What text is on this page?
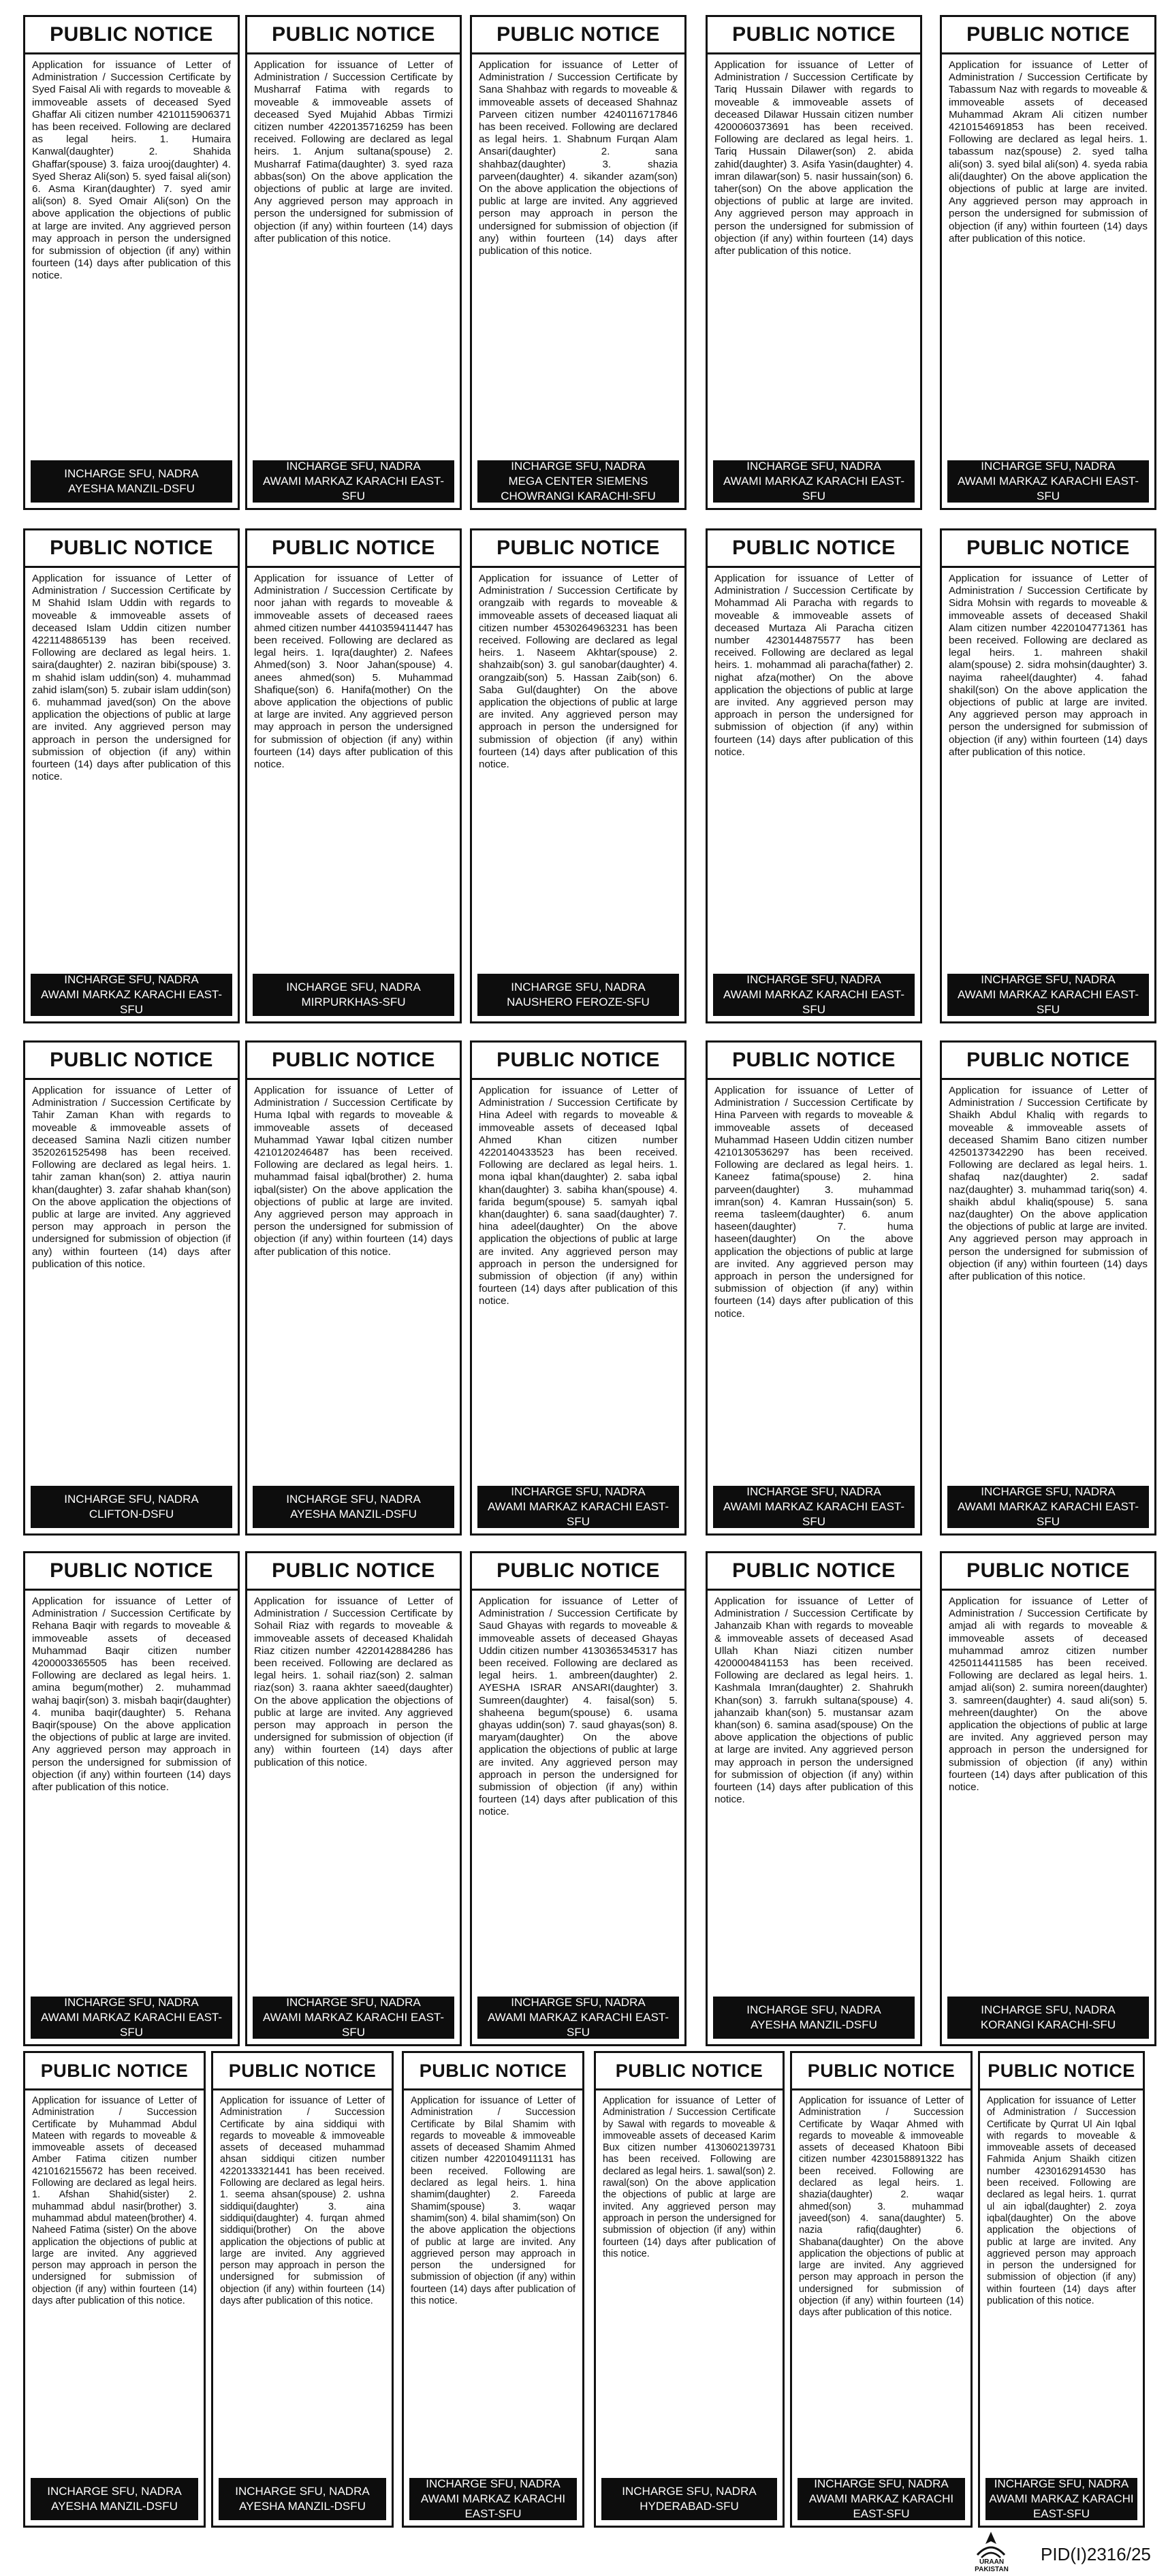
PUBLIC NOTICE
Application for issuance of Letter of Administration / Succession Certificate by Syed Faisal Ali with regards to moveable & immoveable assets of deceased Syed Ghaffar Ali citizen number 4210115906371 has been received. Following are declared as legal heirs. 1. Humaira Kanwal(daughter) 2. Shahida Ghaffar(spouse) 3. faiza urooj(daughter) 4. Syed Sheraz Ali(son) 5. syed faisal ali(son) 6. Asma Kiran(daughter) 7. syed amir ali(son) 8. Syed Omair Ali(son) On the above application the objections of public at large are invited. Any aggrieved person may approach in person the undersigned for submission of objection (if any) within fourteen (14) days after publication of this notice.
INCHARGE SFU, NADRA
AYESHA MANZIL-DSFU
PUBLIC NOTICE
Application for issuance of Letter of Administration / Succession Certificate by Musharraf Fatima with regards to moveable & immoveable assets of deceased Syed Mujahid Abbas Tirmizi citizen number 4220135716259 has been received. Following are declared as legal heirs. 1. Anjum sultana(spouse) 2. Musharraf Fatima(daughter) 3. syed raza abbas(son) On the above application the objections of public at large are invited. Any aggrieved person may approach in person the undersigned for submission of objection (if any) within fourteen (14) days after publication of this notice.
INCHARGE SFU, NADRA
AWAMI MARKAZ KARACHI EAST-SFU
PUBLIC NOTICE
Application for issuance of Letter of Administration / Succession Certificate by Sana Shahbaz with regards to moveable & immoveable assets of deceased Shahnaz Parveen citizen number 4240116717846 has been received. Following are declared as legal heirs. 1. Shabnum Furqan Alam Ansari(daughter) 2. sana shahbaz(daughter) 3. shazia parveen(daughter) 4. sikander azam(son) On the above application the objections of public at large are invited. Any aggrieved person may approach in person the undersigned for submission of objection (if any) within fourteen (14) days after publication of this notice.
INCHARGE SFU, NADRA
MEGA CENTER SIEMENS CHOWRANGI KARACHI-SFU
PUBLIC NOTICE
Application for issuance of Letter of Administration / Succession Certificate by Tariq Hussain Dilawer with regards to moveable & immoveable assets of deceased Dilawar Hussain citizen number 4200060373691 has been received. Following are declared as legal heirs. 1. Tariq Hussain Dilawer(son) 2. abida zahid(daughter) 3. Asifa Yasin(daughter) 4. imran dilawar(son) 5. nasir hussain(son) 6. taher(son) On the above application the objections of public at large are invited. Any aggrieved person may approach in person the undersigned for submission of objection (if any) within fourteen (14) days after publication of this notice.
INCHARGE SFU, NADRA
AWAMI MARKAZ KARACHI EAST-SFU
PUBLIC NOTICE
Application for issuance of Letter of Administration / Succession Certificate by Tabassum Naz with regards to moveable & immoveable assets of deceased Muhammad Akram Ali citizen number 4210154691853 has been received. Following are declared as legal heirs. 1. tabassum naz(spouse) 2. syed talha ali(son) 3. syed bilal ali(son) 4. syeda rabia ali(daughter) On the above application the objections of public at large are invited. Any aggrieved person may approach in person the undersigned for submission of objection (if any) within fourteen (14) days after publication of this notice.
INCHARGE SFU, NADRA
AWAMI MARKAZ KARACHI EAST-SFU
PUBLIC NOTICE
Application for issuance of Letter of Administration / Succession Certificate by M Shahid Islam Uddin with regards to moveable & immoveable assets of deceased Islam Uddin citizen number 4221148865139 has been received. Following are declared as legal heirs. 1. saira(daughter) 2. naziran bibi(spouse) 3. m shahid islam uddin(son) 4. muhammad zahid islam(son) 5. zubair islam uddin(son) 6. muhammad javed(son) On the above application the objections of public at large are invited. Any aggrieved person may approach in person the undersigned for submission of objection (if any) within fourteen (14) days after publication of this notice.
INCHARGE SFU, NADRA
AWAMI MARKAZ KARACHI EAST-SFU
PUBLIC NOTICE
Application for issuance of Letter of Administration / Succession Certificate by noor jahan with regards to moveable & immoveable assets of deceased raees ahmed citizen number 4410359411447 has been received. Following are declared as legal heirs. 1. Iqra(daughter) 2. Nafees Ahmed(son) 3. Noor Jahan(spouse) 4. anees ahmed(son) 5. Muhammad Shafique(son) 6. Hanifa(mother) On the above application the objections of public at large are invited. Any aggrieved person may approach in person the undersigned for submission of objection (if any) within fourteen (14) days after publication of this notice.
INCHARGE SFU, NADRA
MIRPURKHAS-SFU
PUBLIC NOTICE
Application for issuance of Letter of Administration / Succession Certificate by orangzaib with regards to moveable & immoveable assets of deceased liaquat ali citizen number 4530264963231 has been received. Following are declared as legal heirs. 1. Naseem Akhtar(spouse) 2. shahzaib(son) 3. gul sanobar(daughter) 4. orangzaib(son) 5. Hassan Zaib(son) 6. Saba Gul(daughter) On the above application the objections of public at large are invited. Any aggrieved person may approach in person the undersigned for submission of objection (if any) within fourteen (14) days after publication of this notice.
INCHARGE SFU, NADRA
NAUSHERO FEROZE-SFU
PUBLIC NOTICE
Application for issuance of Letter of Administration / Succession Certificate by Mohammad Ali Paracha with regards to moveable & immoveable assets of deceased Murtaza Ali Paracha citizen number 4230144875577 has been received. Following are declared as legal heirs. 1. mohammad ali paracha(father) 2. nighat afza(mother) On the above application the objections of public at large are invited. Any aggrieved person may approach in person the undersigned for submission of objection (if any) within fourteen (14) days after publication of this notice.
INCHARGE SFU, NADRA
AWAMI MARKAZ KARACHI EAST-SFU
PUBLIC NOTICE
Application for issuance of Letter of Administration / Succession Certificate by Sidra Mohsin with regards to moveable & immoveable assets of deceased Shakil Alam citizen number 4220104771361 has been received. Following are declared as legal heirs. 1. mahreen shakil alam(spouse) 2. sidra mohsin(daughter) 3. nayima raheel(daughter) 4. fahad shakil(son) On the above application the objections of public at large are invited. Any aggrieved person may approach in person the undersigned for submission of objection (if any) within fourteen (14) days after publication of this notice.
INCHARGE SFU, NADRA
AWAMI MARKAZ KARACHI EAST-SFU
PUBLIC NOTICE
Application for issuance of Letter of Administration / Succession Certificate by Tahir Zaman Khan with regards to moveable & immoveable assets of deceased Samina Nazli citizen number 3520261525498 has been received. Following are declared as legal heirs. 1. tahir zaman khan(son) 2. attiya naurin khan(daughter) 3. zafar shahab khan(son) On the above application the objections of public at large are invited. Any aggrieved person may approach in person the undersigned for submission of objection (if any) within fourteen (14) days after publication of this notice.
INCHARGE SFU, NADRA
CLIFTON-DSFU
PUBLIC NOTICE
Application for issuance of Letter of Administration / Succession Certificate by Huma Iqbal with regards to moveable & immoveable assets of deceased Muhammad Yawar Iqbal citizen number 4210120246487 has been received. Following are declared as legal heirs. 1. muhammad faisal iqbal(brother) 2. huma iqbal(sister) On the above application the objections of public at large are invited. Any aggrieved person may approach in person the undersigned for submission of objection (if any) within fourteen (14) days after publication of this notice.
INCHARGE SFU, NADRA
AYESHA MANZIL-DSFU
PUBLIC NOTICE
Application for issuance of Letter of Administration / Succession Certificate by Hina Adeel with regards to moveable & immoveable assets of deceased Iqbal Ahmed Khan citizen number 4220140433523 has been received. Following are declared as legal heirs. 1. mona iqbal khan(daughter) 2. saba iqbal khan(daughter) 3. sabiha khan(spouse) 4. farida begum(spouse) 5. samyah iqbal khan(daughter) 6. sana saad(daughter) 7. hina adeel(daughter) On the above application the objections of public at large are invited. Any aggrieved person may approach in person the undersigned for submission of objection (if any) within fourteen (14) days after publication of this notice.
INCHARGE SFU, NADRA
AWAMI MARKAZ KARACHI EAST-SFU
PUBLIC NOTICE
Application for issuance of Letter of Administration / Succession Certificate by Hina Parveen with regards to moveable & immoveable assets of deceased Muhammad Haseen Uddin citizen number 4210130536297 has been received. Following are declared as legal heirs. 1. Kaneez fatima(spouse) 2. hina parveen(daughter) 3. muhammad imran(son) 4. Kamran Hussain(son) 5. reema tasleem(daughter) 6. anum haseen(daughter) 7. huma haseen(daughter) On the above application the objections of public at large are invited. Any aggrieved person may approach in person the undersigned for submission of objection (if any) within fourteen (14) days after publication of this notice.
INCHARGE SFU, NADRA
AWAMI MARKAZ KARACHI EAST-SFU
PUBLIC NOTICE
Application for issuance of Letter of Administration / Succession Certificate by Shaikh Abdul Khaliq with regards to moveable & immoveable assets of deceased Shamim Bano citizen number 4250137342290 has been received. Following are declared as legal heirs. 1. shafaq naz(daughter) 2. sadaf naz(daughter) 3. muhammad tariq(son) 4. shaikh abdul khaliq(spouse) 5. sana naz(daughter) On the above application the objections of public at large are invited. Any aggrieved person may approach in person the undersigned for submission of objection (if any) within fourteen (14) days after publication of this notice.
INCHARGE SFU, NADRA
AWAMI MARKAZ KARACHI EAST-SFU
PUBLIC NOTICE
Application for issuance of Letter of Administration / Succession Certificate by Rehana Baqir with regards to moveable & immoveable assets of deceased Muhammad Baqir citizen number 4200003365505 has been received. Following are declared as legal heirs. 1. amina begum(mother) 2. muhammad wahaj baqir(son) 3. misbah baqir(daughter) 4. muniba baqir(daughter) 5. Rehana Baqir(spouse) On the above application the objections of public at large are invited. Any aggrieved person may approach in person the undersigned for submission of objection (if any) within fourteen (14) days after publication of this notice.
INCHARGE SFU, NADRA
AWAMI MARKAZ KARACHI EAST-SFU
PUBLIC NOTICE
Application for issuance of Letter of Administration / Succession Certificate by Sohail Riaz with regards to moveable & immoveable assets of deceased Khalidah Riaz citizen number 4220142884286 has been received. Following are declared as legal heirs. 1. sohail riaz(son) 2. salman riaz(son) 3. raana akhter saeed(daughter) On the above application the objections of public at large are invited. Any aggrieved person may approach in person the undersigned for submission of objection (if any) within fourteen (14) days after publication of this notice.
INCHARGE SFU, NADRA
AWAMI MARKAZ KARACHI EAST-SFU
PUBLIC NOTICE
Application for issuance of Letter of Administration / Succession Certificate by Saud Ghayas with regards to moveable & immoveable assets of deceased Ghayas Uddin citizen number 4130365345317 has been received. Following are declared as legal heirs. 1. ambreen(daughter) 2. AYESHA ISRAR ANSARI(daughter) 3. Sumreen(daughter) 4. faisal(son) 5. shaheena begum(spouse) 6. usama ghayas uddin(son) 7. saud ghayas(son) 8. maryam(daughter) On the above application the objections of public at large are invited. Any aggrieved person may approach in person the undersigned for submission of objection (if any) within fourteen (14) days after publication of this notice.
INCHARGE SFU, NADRA
AWAMI MARKAZ KARACHI EAST-SFU
PUBLIC NOTICE
Application for issuance of Letter of Administration / Succession Certificate by Jahanzaib Khan with regards to moveable & immoveable assets of deceased Asad Ullah Khan Niazi citizen number 4200004841153 has been received. Following are declared as legal heirs. 1. Kashmala Imran(daughter) 2. Shahrukh Khan(son) 3. farrukh sultana(spouse) 4. jahanzaib khan(son) 5. mustansar azam khan(son) 6. samina asad(spouse) On the above application the objections of public at large are invited. Any aggrieved person may approach in person the undersigned for submission of objection (if any) within fourteen (14) days after publication of this notice.
INCHARGE SFU, NADRA
AYESHA MANZIL-DSFU
PUBLIC NOTICE
Application for issuance of Letter of Administration / Succession Certificate by amjad ali with regards to moveable & immoveable assets of deceased muhammad amroz citizen number 4250114411585 has been received. Following are declared as legal heirs. 1. amjad ali(son) 2. sumira noreen(daughter) 3. samreen(daughter) 4. saud ali(son) 5. mehreen(daughter) On the above application the objections of public at large are invited. Any aggrieved person may approach in person the undersigned for submission of objection (if any) within fourteen (14) days after publication of this notice.
INCHARGE SFU, NADRA
KORANGI KARACHI-SFU
PUBLIC NOTICE
Application for issuance of Letter of Administration / Succession Certificate by Muhammad Abdul Mateen with regards to moveable & immoveable assets of deceased Amber Fatima citizen number 4210162155672 has been received. Following are declared as legal heirs. 1. Afshan Shahid(sister) 2. muhammad abdul nasir(brother) 3. muhammad abdul mateen(brother) 4. Naheed Fatima (sister) On the above application the objections of public at large are invited. Any aggrieved person may approach in person the undersigned for submission of objection (if any) within fourteen (14) days after publication of this notice.
INCHARGE SFU, NADRA
AYESHA MANZIL-DSFU
PUBLIC NOTICE
Application for issuance of Letter of Administration / Succession Certificate by aina siddiqui with regards to moveable & immoveable assets of deceased muhammad ahsan siddiqui citizen number 4220133321441 has been received. Following are declared as legal heirs. 1. seema ahsan(spouse) 2. ushna siddiqui(daughter) 3. aina siddiqui(daughter) 4. furqan ahmed siddiqui(brother) On the above application the objections of public at large are invited. Any aggrieved person may approach in person the undersigned for submission of objection (if any) within fourteen (14) days after publication of this notice.
INCHARGE SFU, NADRA
AYESHA MANZIL-DSFU
PUBLIC NOTICE
Application for issuance of Letter of Administration / Succession Certificate by Bilal Shamim with regards to moveable & immoveable assets of deceased Shamim Ahmed citizen number 4220104911131 has been received. Following are declared as legal heirs. 1. hina shamim(daughter) 2. Fareeda Shamim(spouse) 3. waqar shamim(son) 4. bilal shamim(son) On the above application the objections of public at large are invited. Any aggrieved person may approach in person the undersigned for submission of objection (if any) within fourteen (14) days after publication of this notice.
INCHARGE SFU, NADRA
AWAMI MARKAZ KARACHI EAST-SFU
PUBLIC NOTICE
Application for issuance of Letter of Administration / Succession Certificate by Sawal with regards to moveable & immoveable assets of deceased Karim Bux citizen number 4130602139731 has been received. Following are declared as legal heirs. 1. sawal(son) 2. rawal(son) On the above application the objections of public at large are invited. Any aggrieved person may approach in person the undersigned for submission of objection (if any) within fourteen (14) days after publication of this notice.
INCHARGE SFU, NADRA
HYDERABAD-SFU
PUBLIC NOTICE
Application for issuance of Letter of Administration / Succession Certificate by Waqar Ahmed with regards to moveable & immoveable assets of deceased Khatoon Bibi citizen number 4230158891322 has been received. Following are declared as legal heirs. 1. shazia(daughter) 2. waqar ahmed(son) 3. muhammad javeed(son) 4. sana(daughter) 5. nazia rafiq(daughter) 6. Shabana(daughter) On the above application the objections of public at large are invited. Any aggrieved person may approach in person the undersigned for submission of objection (if any) within fourteen (14) days after publication of this notice.
INCHARGE SFU, NADRA
AWAMI MARKAZ KARACHI EAST-SFU
PUBLIC NOTICE
Application for issuance of Letter of Administration / Succession Certificate by Qurrat Ul Ain Iqbal with regards to moveable & immoveable assets of deceased Fahmida Anjum Shaikh citizen number 4230162914530 has been received. Following are declared as legal heirs. 1. qurrat ul ain iqbal(daughter) 2. zoya iqbal(daughter) On the above application the objections of public at large are invited. Any aggrieved person may approach in person the undersigned for submission of objection (if any) within fourteen (14) days after publication of this notice.
INCHARGE SFU, NADRA
AWAMI MARKAZ KARACHI EAST-SFU
URAAN PAKISTAN
PID(I)2316/25
